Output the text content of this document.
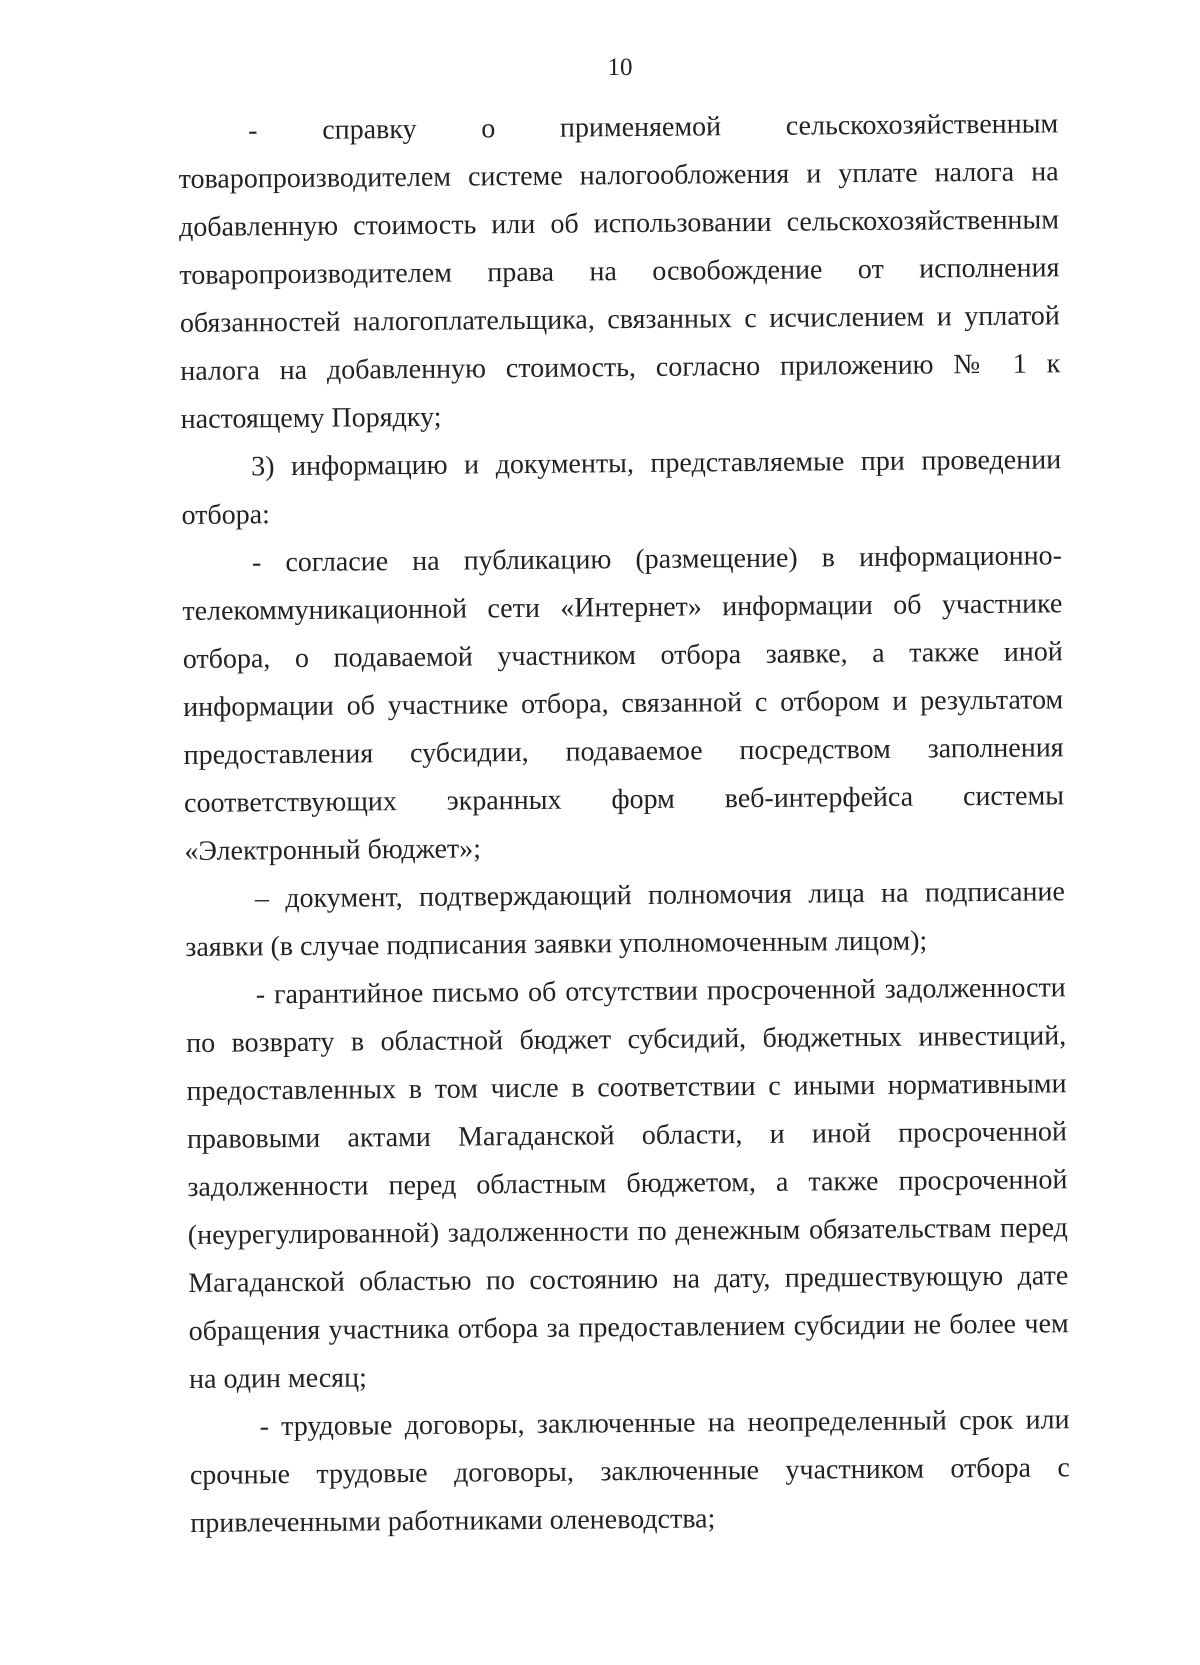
10

- справку о применяемой сельскохозяйственным товаропроизводителем системе налогообложения и уплате налога на добавленную стоимость или об использовании сельскохозяйственным товаропроизводителем права на освобождение от исполнения обязанностей налогоплательщика, связанных с исчислением и уплатой налога на добавленную стоимость, согласно приложению № 1 к настоящему Порядку;

3) информацию и документы, представляемые при проведении отбора:

- согласие на публикацию (размещение) в информационно-телекоммуникационной сети «Интернет» информации об участнике отбора, о подаваемой участником отбора заявке, а также иной информации об участнике отбора, связанной с отбором и результатом предоставления субсидии, подаваемое посредством заполнения соответствующих экранных форм веб-интерфейса системы «Электронный бюджет»;

– документ, подтверждающий полномочия лица на подписание заявки (в случае подписания заявки уполномоченным лицом);

- гарантийное письмо об отсутствии просроченной задолженности по возврату в областной бюджет субсидий, бюджетных инвестиций, предоставленных в том числе в соответствии с иными нормативными правовыми актами Магаданской области, и иной просроченной задолженности перед областным бюджетом, а также просроченной (неурегулированной) задолженности по денежным обязательствам перед Магаданской областью по состоянию на дату, предшествующую дате обращения участника отбора за предоставлением субсидии не более чем на один месяц;

- трудовые договоры, заключенные на неопределенный срок или срочные трудовые договоры, заключенные участником отбора с привлеченными работниками оленеводства;
